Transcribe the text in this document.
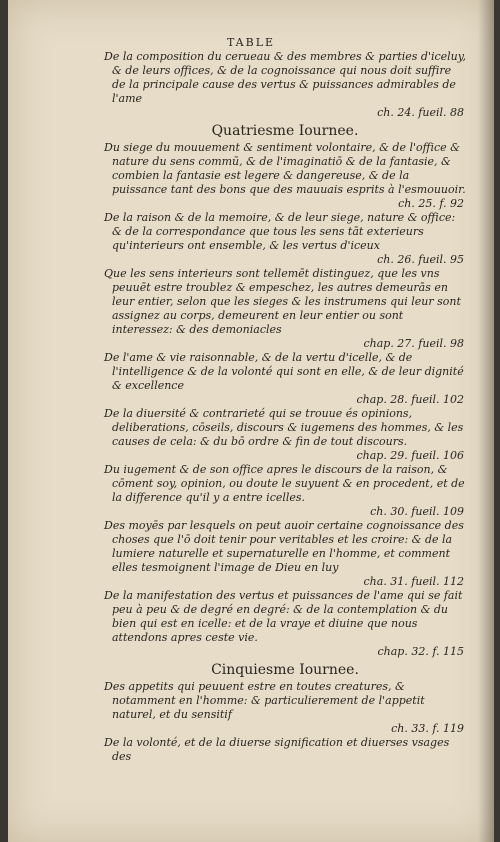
TABLE
De la composition du cerueau & des membres & parties d'iceluy, & de leurs offices, & de la cognoissance qui nous doit suffire de la principale cause des vertus & puissances admirables de l'ame
ch. 24. fueil. 88
Quatriesme Iournee.
Du siege du mouuement & sentiment volontaire, & de l'office & nature du sens commū, & de l'imaginatiō & de la fantasie, & combien la fantasie est legere & dangereuse, & de la puissance tant des bons que des mauuais esprits à l'esmouuoir.
ch. 25. f. 92
De la raison & de la memoire, & de leur siege, nature & office: & de la correspondance que tous les sens tāt exterieurs qu'interieurs ont ensemble, & les vertus d'iceux
ch. 26. fueil. 95
Que les sens interieurs sont tellemēt distinguez, que les vns peuuēt estre troublez & empeschez, les autres demeurās en leur entier, selon que les sieges & les instrumens qui leur sont assignez au corps, demeurent en leur entier ou sont interessez: & des demoniacles
chap. 27. fueil. 98
De l'ame & vie raisonnable, & de la vertu d'icelle, & de l'intelligence & de la volonté qui sont en elle, & de leur dignité & excellence
chap. 28. fueil. 102
De la diuersité & contrarieté qui se trouue és opinions, deliberations, cōseils, discours & iugemens des hommes, & les causes de cela: & du bō ordre & fin de tout discours.
chap. 29. fueil. 106
Du iugement & de son office apres le discours de la raison, & cōment soy, opinion, ou doute le suyuent & en procedent, et de la difference qu'il y a entre icelles.
ch. 30. fueil. 109
Des moyēs par lesquels on peut auoir certaine cognoissance des choses que l'ō doit tenir pour veritables et les croire: & de la lumiere naturelle et supernaturelle en l'homme, et comment elles tesmoignent l'image de Dieu en luy
cha. 31. fueil. 112
De la manifestation des vertus et puissances de l'ame qui se fait peu à peu & de degré en degré: & de la contemplation & du bien qui est en icelle: et de la vraye et diuine que nous attendons apres ceste vie.
chap. 32. f. 115
Cinquiesme Iournee.
Des appetits qui peuuent estre en toutes creatures, & notamment en l'homme: & particulierement de l'appetit naturel, et du sensitif
ch. 33. f. 119
De la volonté, et de la diuerse signification et diuerses vsages des
